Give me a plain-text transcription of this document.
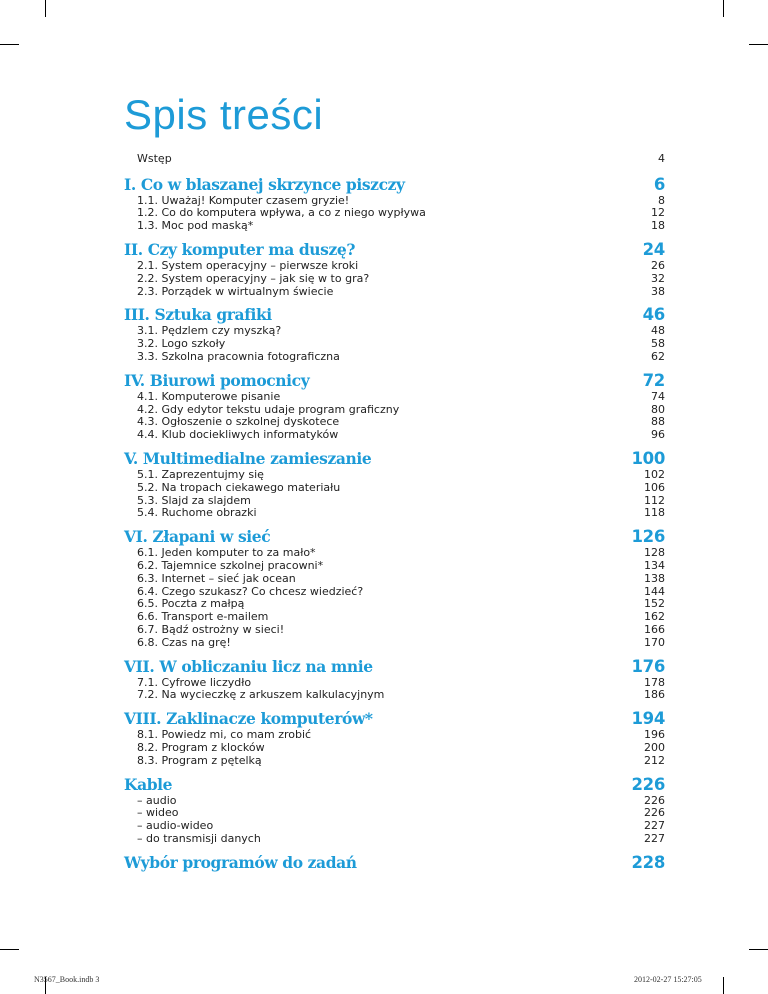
Spis treści
Wstęp	4
I. Co w blaszanej skrzynce piszczy	6
1.1. Uważaj! Komputer czasem gryzie!	8
1.2. Co do komputera wpływa, a co z niego wypływa	12
1.3. Moc pod maską*	18
II. Czy komputer ma duszę?	24
2.1. System operacyjny – pierwsze kroki	26
2.2. System operacyjny – jak się w to gra?	32
2.3. Porządek w wirtualnym świecie	38
III. Sztuka grafiki	46
3.1. Pędzlem czy myszką?	48
3.2. Logo szkoły	58
3.3. Szkolna pracownia fotograficzna	62
IV. Biurowi pomocnicy	72
4.1. Komputerowe pisanie	74
4.2. Gdy edytor tekstu udaje program graficzny	80
4.3. Ogłoszenie o szkolnej dyskotece	88
4.4. Klub dociekliwych informatyków	96
V. Multimedialne zamieszanie	100
5.1. Zaprezentujmy się	102
5.2. Na tropach ciekawego materiału	106
5.3. Slajd za slajdem	112
5.4. Ruchome obrazki	118
VI. Złapani w sieć	126
6.1. Jeden komputer to za mało*	128
6.2. Tajemnice szkolnej pracowni*	134
6.3. Internet – sieć jak ocean	138
6.4. Czego szukasz? Co chcesz wiedzieć?	144
6.5. Poczta z małpą	152
6.6. Transport e-mailem	162
6.7. Bądź ostrożny w sieci!	166
6.8. Czas na grę!	170
VII. W obliczaniu licz na mnie	176
7.1. Cyfrowe liczydło	178
7.2. Na wycieczkę z arkuszem kalkulacyjnym	186
VIII. Zaklinacze komputerów*	194
8.1. Powiedz mi, co mam zrobić	196
8.2. Program z klocków	200
8.3. Program z pętelką	212
Kable	226
– audio	226
– wideo	226
– audio-wideo	227
– do transmisji danych	227
Wybór programów do zadań	228
N3567_Book.indb 3	2012-02-27 15:27:05
